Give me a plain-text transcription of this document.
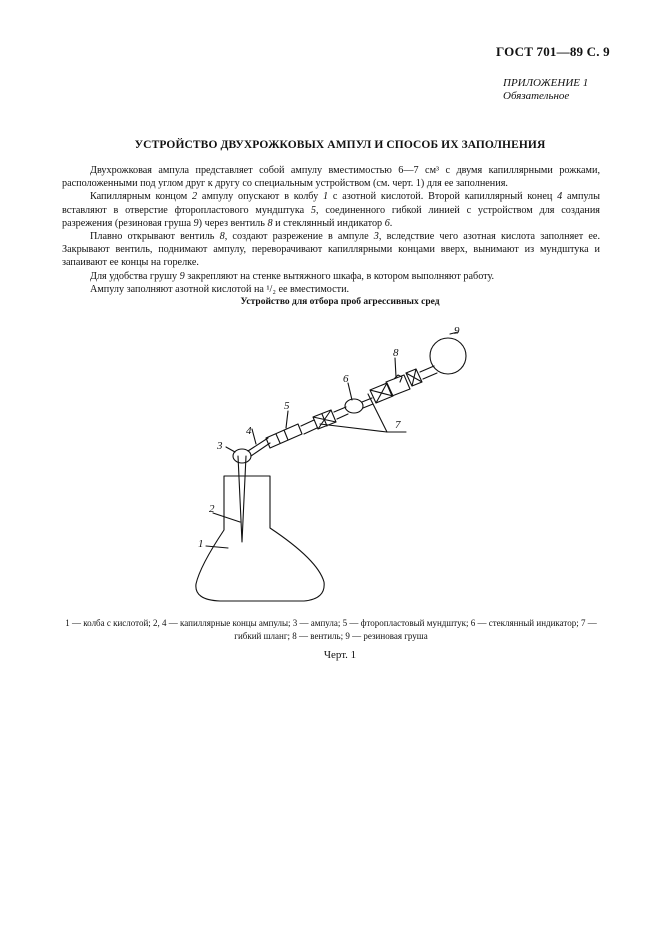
ГОСТ 701—89 С. 9
ПРИЛОЖЕНИЕ 1
Обязательное
УСТРОЙСТВО ДВУХРОЖКОВЫХ АМПУЛ И СПОСОБ ИХ ЗАПОЛНЕНИЯ

Двухрожковая ампула представляет собой ампулу вместимостью 6—7 см³ с двумя капиллярными рожками, расположенными под углом друг к другу со специальным устройством (см. черт. 1) для ее заполнения.

Капиллярным концом 2 ампулу опускают в колбу 1 с азотной кислотой. Второй капиллярный конец 4 ампулы вставляют в отверстие фторопластового мундштука 5, соединенного гибкой линией с устройством для создания разрежения (резиновая груша 9) через вентиль 8 и стеклянный индикатор 6.

Плавно открывают вентиль 8, создают разрежение в ампуле 3, вследствие чего азотная кислота заполняет ее. Закрывают вентиль, поднимают ампулу, переворачивают капиллярными концами вверх, вынимают из мундштука и запаивают ее концы на горелке.

Для удобства грушу 9 закрепляют на стенке вытяжного шкафа, в котором выполняют работу.

Ампулу заполняют азотной кислотой на ¹/₂ ее вместимости.

Устройство для отбора проб агрессивных сред
1
2
3
4
5
6
7
8
9
1 — колба с кислотой; 2, 4 — капиллярные концы ампулы; 3 — ампула; 5 — фторопластовый мундштук; 6 — стеклянный индикатор; 7 — гибкий шланг; 8 — вентиль; 9 — резиновая груша
Черт. 1
